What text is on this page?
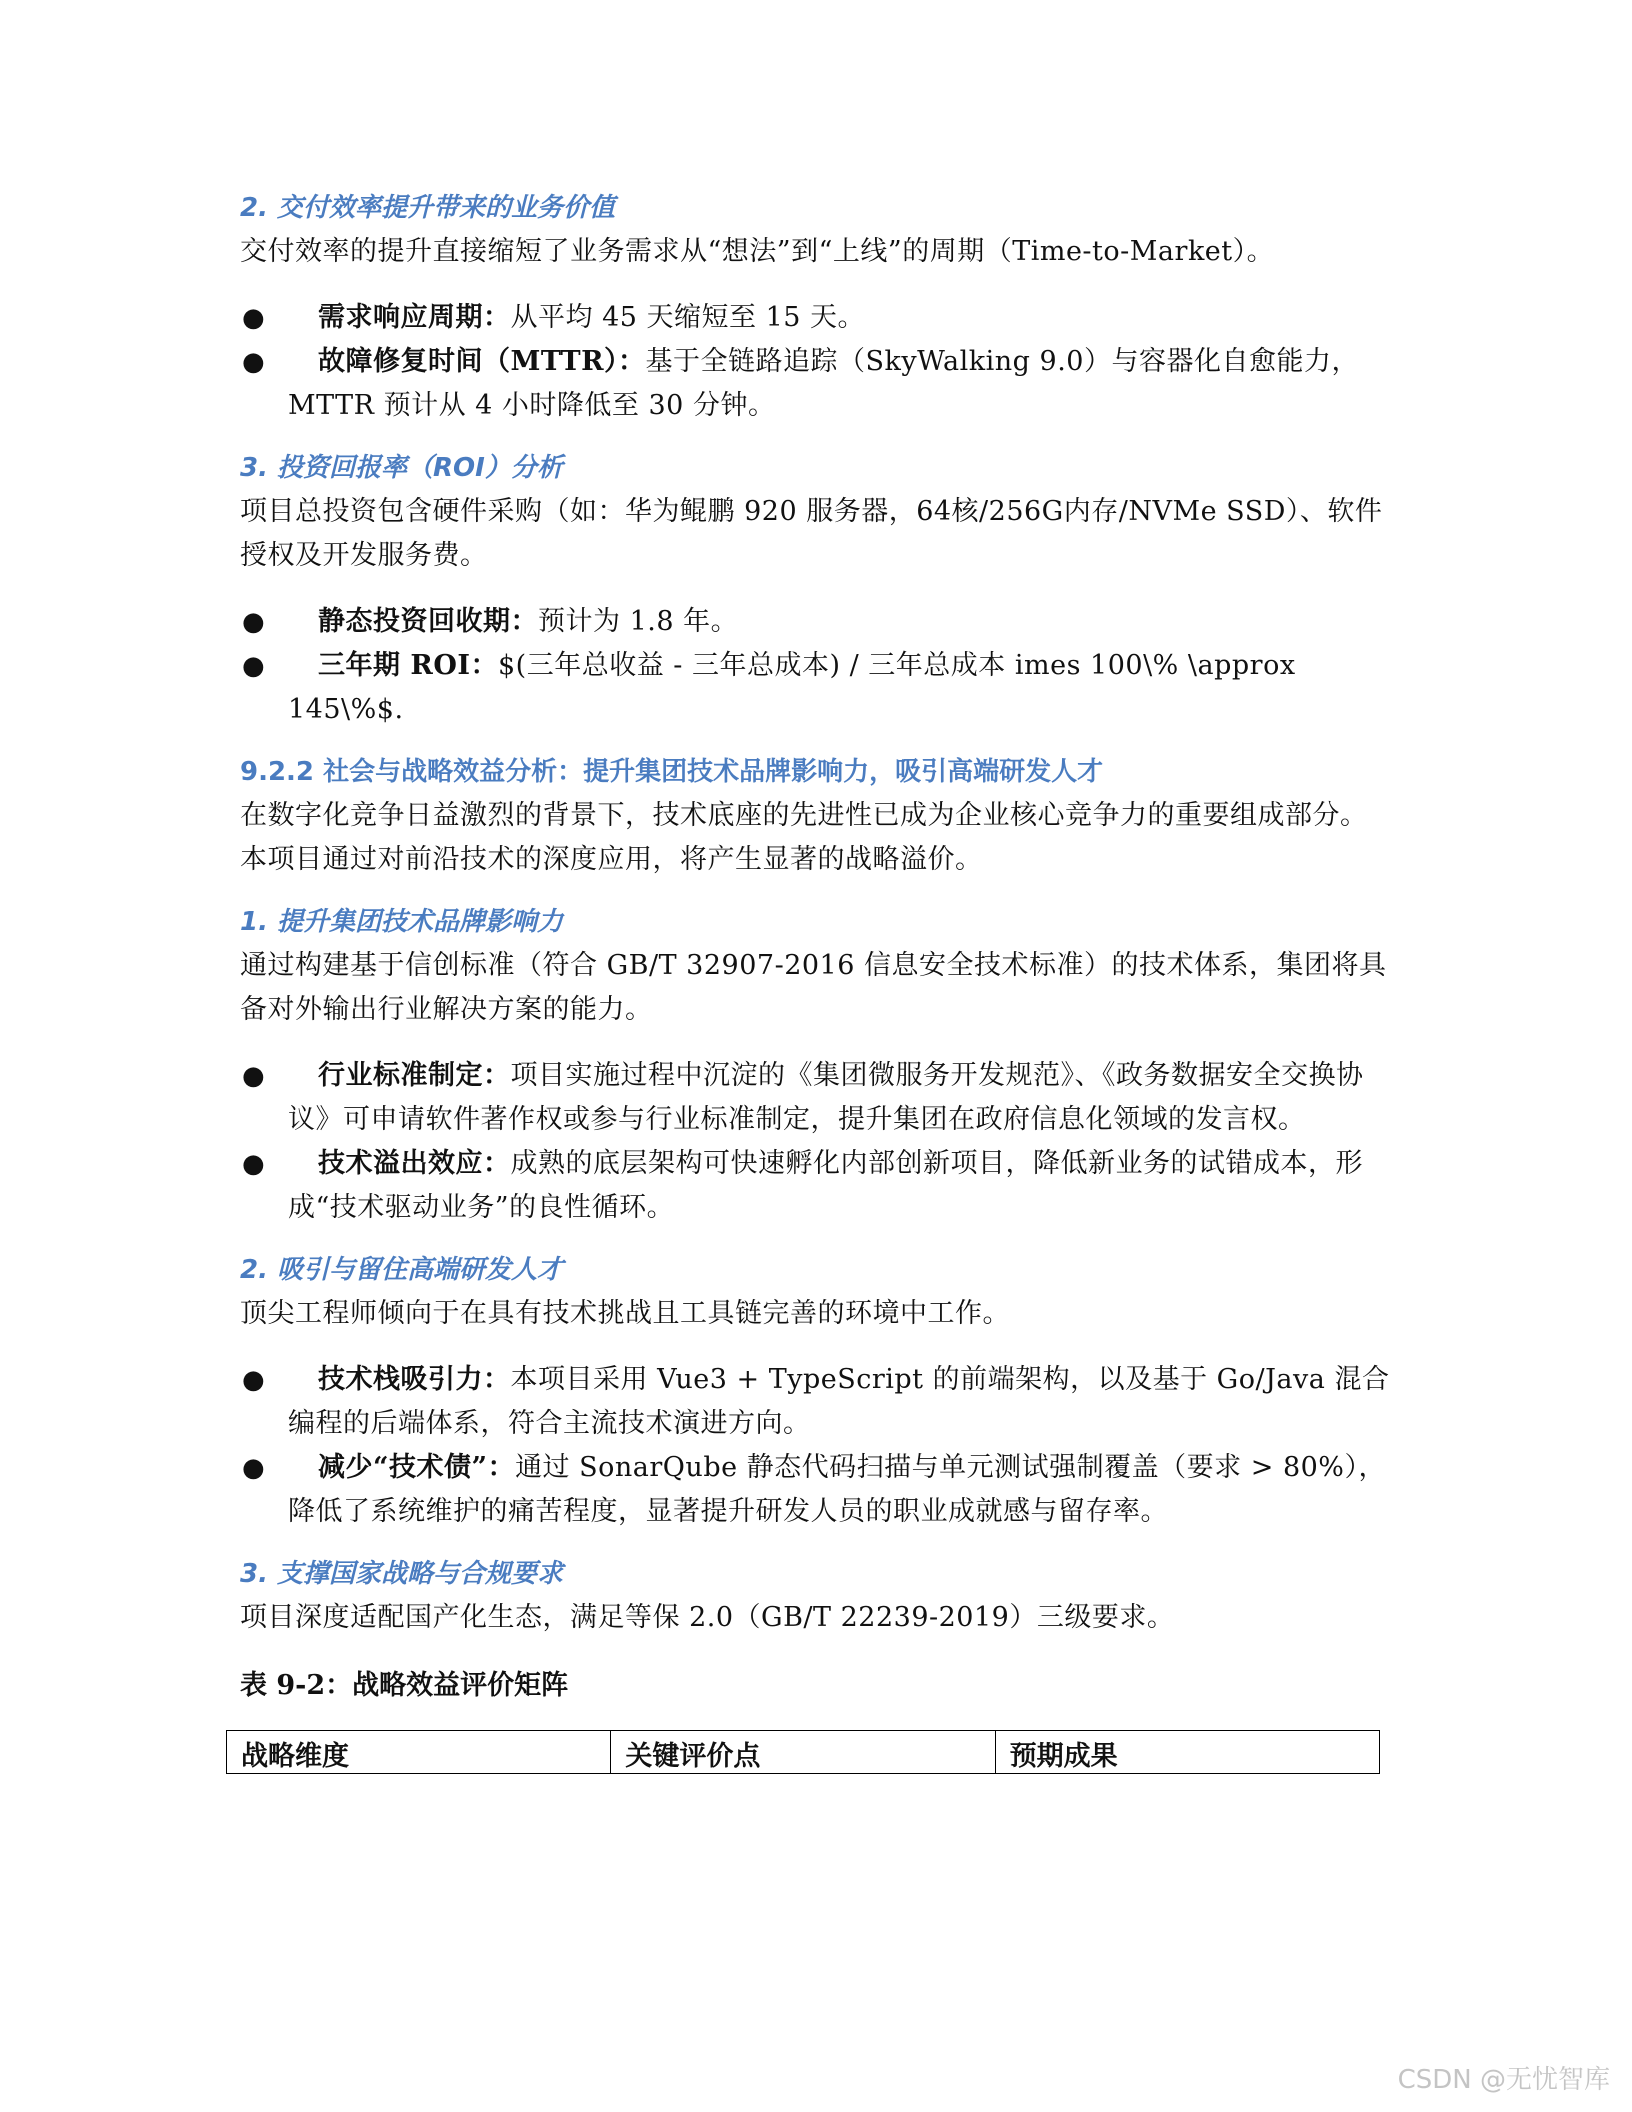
2. 交付效率提升带来的业务价值

交付效率的提升直接缩短了业务需求从“想法”到“上线”的周期（Time-to-Market）。

● 需求响应周期：从平均 45 天缩短至 15 天。
● 故障修复时间（MTTR）：基于全链路追踪（SkyWalking 9.0）与容器化自愈能力，MTTR 预计从 4 小时降低至 30 分钟。

3. 投资回报率（ROI）分析

项目总投资包含硬件采购（如：华为鲲鹏 920 服务器，64核/256G内存/NVMe SSD）、软件授权及开发服务费。

● 静态投资回收期：预计为 1.8 年。
● 三年期 ROI：$(三年总收益 - 三年总成本) / 三年总成本 imes 100\% \approx 145\%$.

9.2.2 社会与战略效益分析：提升集团技术品牌影响力，吸引高端研发人才

在数字化竞争日益激烈的背景下，技术底座的先进性已成为企业核心竞争力的重要组成部分。本项目通过对前沿技术的深度应用，将产生显著的战略溢价。

1. 提升集团技术品牌影响力

通过构建基于信创标准（符合 GB/T 32907-2016 信息安全技术标准）的技术体系，集团将具备对外输出行业解决方案的能力。

● 行业标准制定：项目实施过程中沉淀的《集团微服务开发规范》、《政务数据安全交换协议》可申请软件著作权或参与行业标准制定，提升集团在政府信息化领域的发言权。
● 技术溢出效应：成熟的底层架构可快速孵化内部创新项目，降低新业务的试错成本，形成“技术驱动业务”的良性循环。

2. 吸引与留住高端研发人才

顶尖工程师倾向于在具有技术挑战且工具链完善的环境中工作。

● 技术栈吸引力：本项目采用 Vue3 + TypeScript 的前端架构，以及基于 Go/Java 混合编程的后端体系，符合主流技术演进方向。
● 减少“技术债”：通过 SonarQube 静态代码扫描与单元测试强制覆盖（要求 > 80%），降低了系统维护的痛苦程度，显著提升研发人员的职业成就感与留存率。

3. 支撑国家战略与合规要求

项目深度适配国产化生态，满足等保 2.0（GB/T 22239-2019）三级要求。

表 9-2：战略效益评价矩阵

战略维度	关键评价点	预期成果
CSDN @无忧智库
